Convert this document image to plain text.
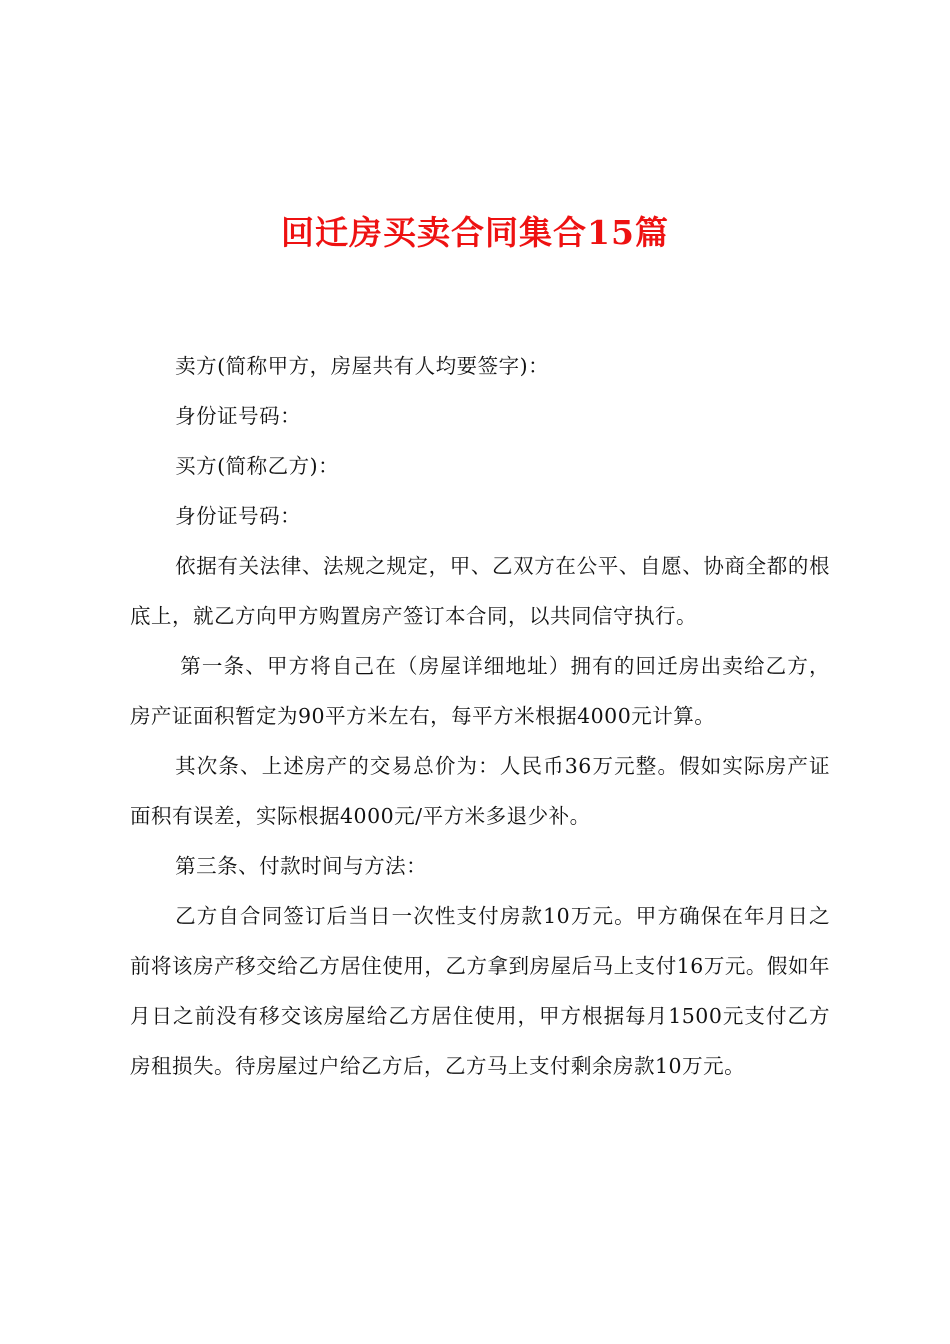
回迁房买卖合同集合15篇

卖方(简称甲方，房屋共有人均要签字)：

身份证号码：

买方(简称乙方)：

身份证号码：

依据有关法律、法规之规定，甲、乙双方在公平、自愿、协商全都的根底上，就乙方向甲方购置房产签订本合同，以共同信守执行。

第一条、甲方将自己在（房屋详细地址）拥有的回迁房出卖给乙方，房产证面积暂定为90平方米左右，每平方米根据4000元计算。

其次条、上述房产的交易总价为：人民币36万元整。假如实际房产证面积有误差，实际根据4000元/平方米多退少补。

第三条、付款时间与方法：

乙方自合同签订后当日一次性支付房款10万元。甲方确保在年月日之前将该房产移交给乙方居住使用，乙方拿到房屋后马上支付16万元。假如年月日之前没有移交该房屋给乙方居住使用，甲方根据每月1500元支付乙方房租损失。待房屋过户给乙方后，乙方马上支付剩余房款10万元。
